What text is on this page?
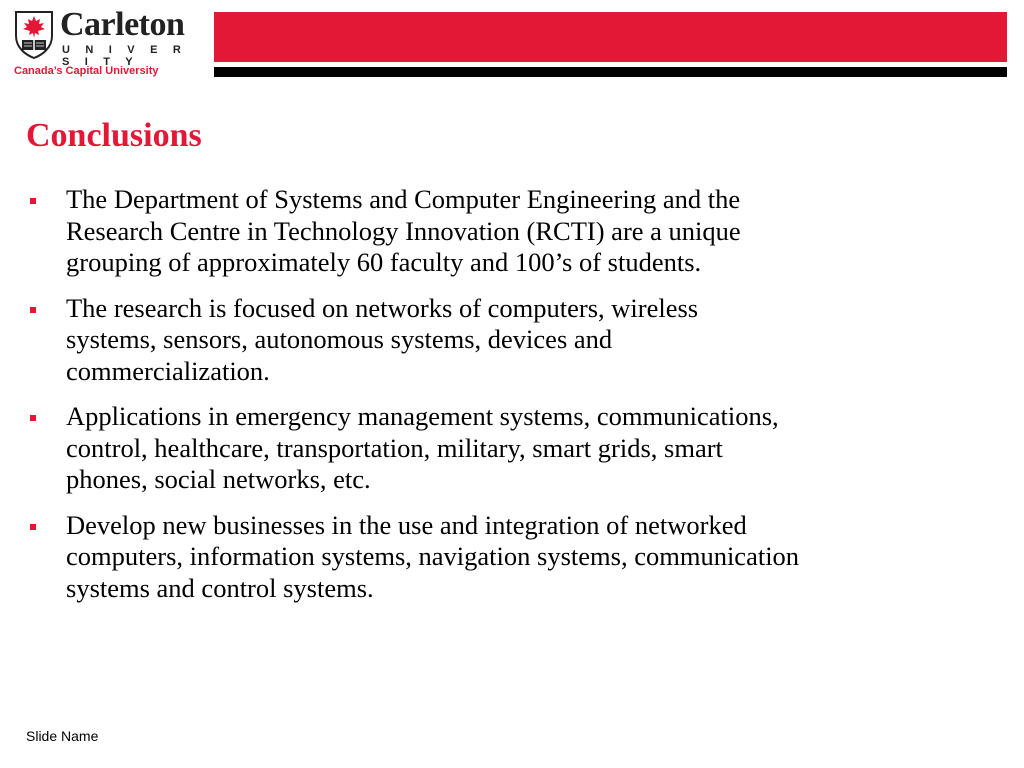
Carleton
U N I V E R S I T Y
Canada’s Capital University
Conclusions
The Department of Systems and Computer Engineering and the
Research Centre in Technology Innovation (RCTI) are a unique
grouping of approximately 60 faculty and 100’s of students.
The research is focused on networks of computers, wireless
systems, sensors, autonomous systems, devices and
commercialization.
Applications in emergency management systems, communications,
control, healthcare, transportation, military, smart grids, smart
phones, social networks, etc.
Develop new businesses in the use and integration of networked
computers, information systems, navigation systems, communication
systems and control systems.
Slide Name
